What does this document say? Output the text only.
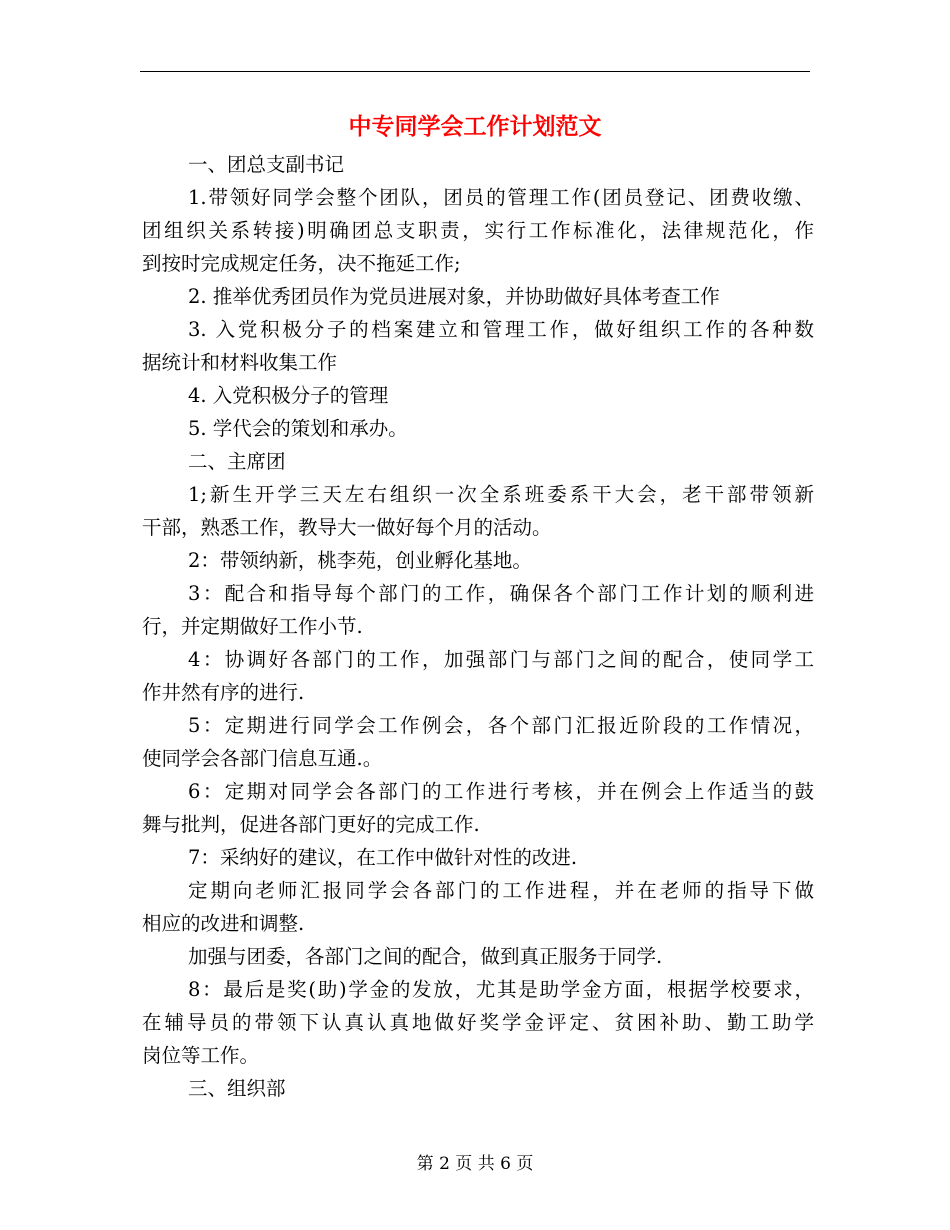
中专同学会工作计划范文
一、团总支副书记
1.带领好同学会整个团队，团员的管理工作(团员登记、团费收缴、
团组织关系转接)明确团总支职责，实行工作标准化，法律规范化，作
到按时完成规定任务，决不拖延工作;
2. 推举优秀团员作为党员进展对象，并协助做好具体考查工作
3. 入党积极分子的档案建立和管理工作，做好组织工作的各种数
据统计和材料收集工作
4. 入党积极分子的管理
5. 学代会的策划和承办。
二、主席团
1;新生开学三天左右组织一次全系班委系干大会，老干部带领新
干部，熟悉工作，教导大一做好每个月的活动。
2：带领纳新，桃李苑，创业孵化基地。
3：配合和指导每个部门的工作，确保各个部门工作计划的顺利进
行，并定期做好工作小节.
4：协调好各部门的工作，加强部门与部门之间的配合，使同学工
作井然有序的进行.
5：定期进行同学会工作例会，各个部门汇报近阶段的工作情况，
使同学会各部门信息互通.。
6：定期对同学会各部门的工作进行考核，并在例会上作适当的鼓
舞与批判，促进各部门更好的完成工作.
7：采纳好的建议，在工作中做针对性的改进.
定期向老师汇报同学会各部门的工作进程，并在老师的指导下做
相应的改进和调整.
加强与团委，各部门之间的配合，做到真正服务于同学.
8：最后是奖(助)学金的发放，尤其是助学金方面，根据学校要求，
在辅导员的带领下认真认真地做好奖学金评定、贫困补助、勤工助学
岗位等工作。
三、组织部
第 2 页 共 6 页
